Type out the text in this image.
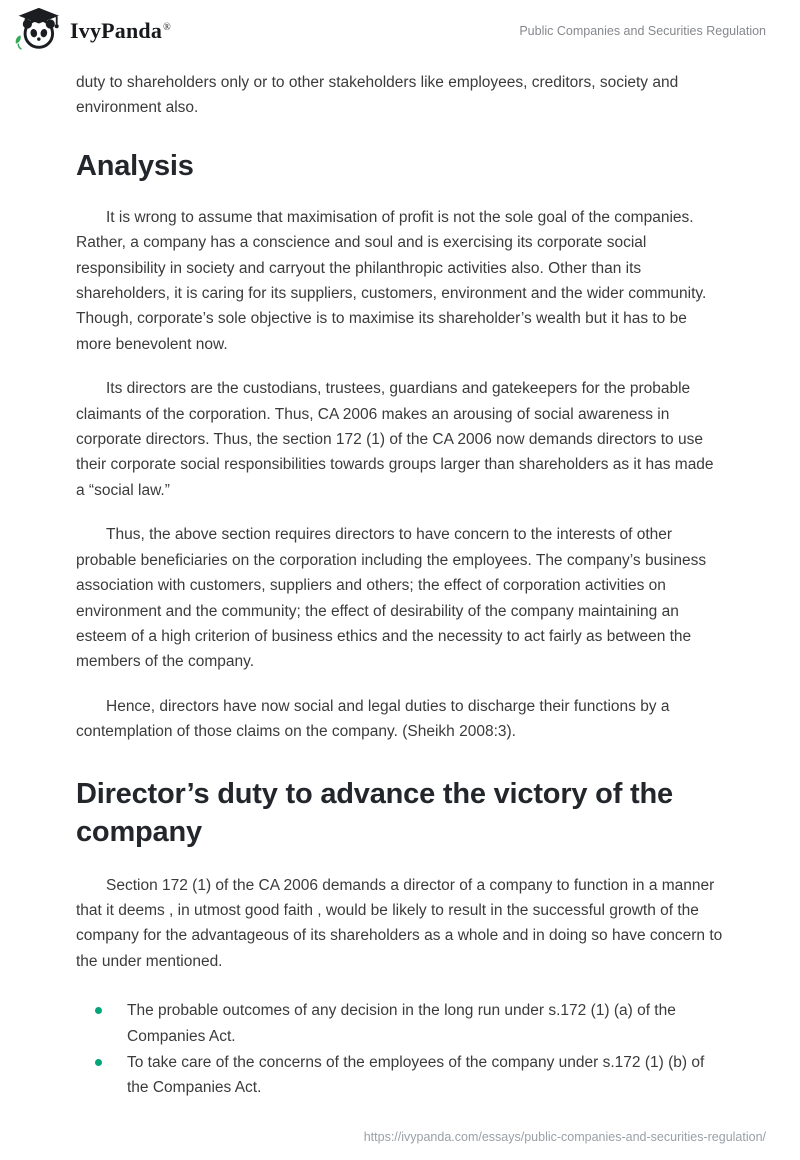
IvyPanda®	Public Companies and Securities Regulation

duty to shareholders only or to other stakeholders like employees, creditors, society and environment also.

Analysis

It is wrong to assume that maximisation of profit is not the sole goal of the companies. Rather, a company has a conscience and soul and is exercising its corporate social responsibility in society and carryout the philanthropic activities also. Other than its shareholders, it is caring for its suppliers, customers, environment and the wider community. Though, corporate’s sole objective is to maximise its shareholder’s wealth but it has to be more benevolent now.

Its directors are the custodians, trustees, guardians and gatekeepers for the probable claimants of the corporation. Thus, CA 2006 makes an arousing of social awareness in corporate directors. Thus, the section 172 (1) of the CA 2006 now demands directors to use their corporate social responsibilities towards groups larger than shareholders as it has made a “social law.”

Thus, the above section requires directors to have concern to the interests of other probable beneficiaries on the corporation including the employees. The company’s business association with customers, suppliers and others; the effect of corporation activities on environment and the community; the effect of desirability of the company maintaining an esteem of a high criterion of business ethics and the necessity to act fairly as between the members of the company.

Hence, directors have now social and legal duties to discharge their functions by a contemplation of those claims on the company. (Sheikh 2008:3).

Director’s duty to advance the victory of the company

Section 172 (1) of the CA 2006 demands a director of a company to function in a manner that it deems , in utmost good faith , would be likely to result in the successful growth of the company for the advantageous of its shareholders as a whole and in doing so have concern to the under mentioned.

The probable outcomes of any decision in the long run under s.172 (1) (a) of the Companies Act.
To take care of the concerns of the employees of the company under s.172 (1) (b) of the Companies Act.
https://ivypanda.com/essays/public-companies-and-securities-regulation/
